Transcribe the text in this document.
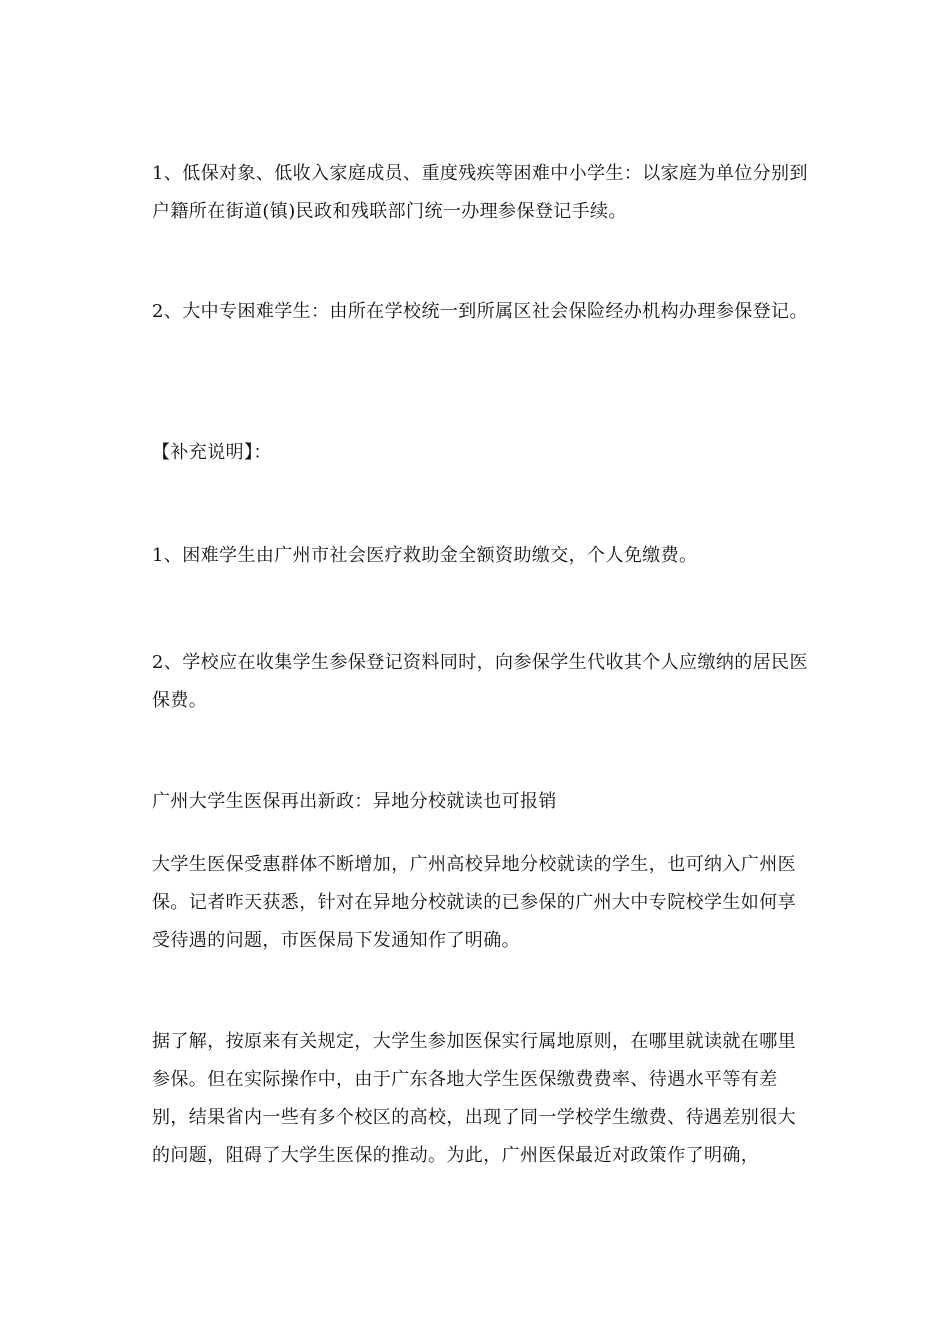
1、低保对象、低收入家庭成员、重度残疾等困难中小学生：以家庭为单位分别到户籍所在街道(镇)民政和残联部门统一办理参保登记手续。

2、大中专困难学生：由所在学校统一到所属区社会保险经办机构办理参保登记。

【补充说明】：

1、困难学生由广州市社会医疗救助金全额资助缴交，个人免缴费。

2、学校应在收集学生参保登记资料同时，向参保学生代收其个人应缴纳的居民医保费。

广州大学生医保再出新政：异地分校就读也可报销

大学生医保受惠群体不断增加，广州高校异地分校就读的学生，也可纳入广州医保。记者昨天获悉，针对在异地分校就读的已参保的广州大中专院校学生如何享受待遇的问题，市医保局下发通知作了明确。

据了解，按原来有关规定，大学生参加医保实行属地原则，在哪里就读就在哪里参保。但在实际操作中，由于广东各地大学生医保缴费费率、待遇水平等有差别，结果省内一些有多个校区的高校，出现了同一学校学生缴费、待遇差别很大的问题，阻碍了大学生医保的推动。为此，广州医保最近对政策作了明确，
